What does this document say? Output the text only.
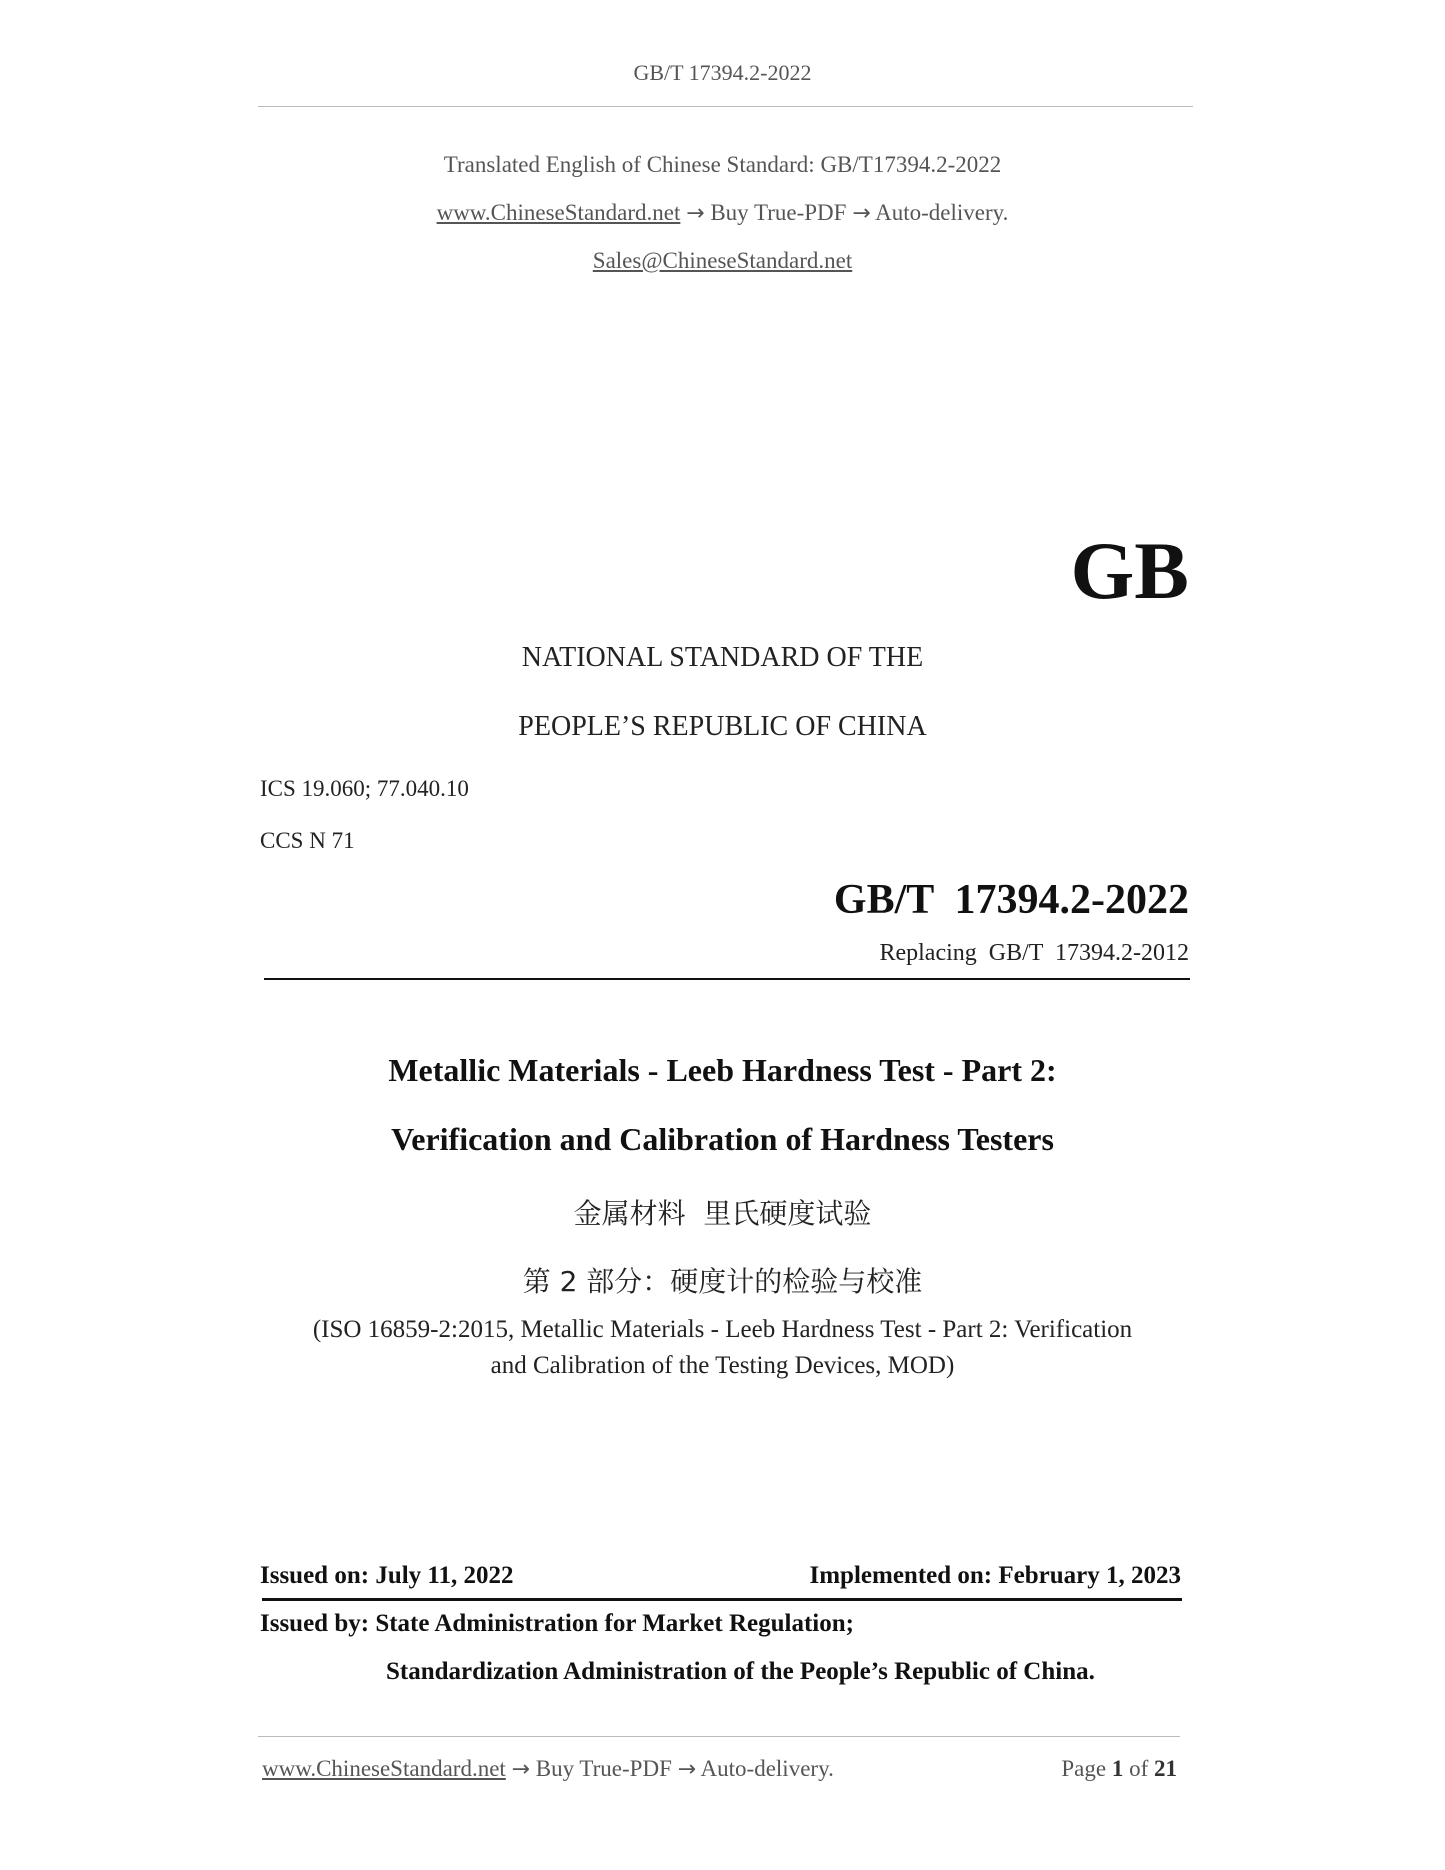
GB/T 17394.2-2022
Translated English of Chinese Standard: GB/T17394.2-2022
www.ChineseStandard.net → Buy True-PDF → Auto-delivery.
Sales@ChineseStandard.net
GB
NATIONAL STANDARD OF THE
PEOPLE’S REPUBLIC OF CHINA
ICS 19.060; 77.040.10
CCS N 71
GB/T  17394.2-2022
Replacing  GB/T  17394.2-2012
Metallic Materials - Leeb Hardness Test - Part 2:
Verification and Calibration of Hardness Testers
金属材料  里氏硬度试验
第 2 部分：硬度计的检验与校准
(ISO 16859-2:2015, Metallic Materials - Leeb Hardness Test - Part 2: Verification
and Calibration of the Testing Devices, MOD)
Issued on: July 11, 2022	Implemented on: February 1, 2023
Issued by: State Administration for Market Regulation;
Standardization Administration of the People’s Republic of China.
www.ChineseStandard.net → Buy True-PDF → Auto-delivery.	Page 1 of 21
